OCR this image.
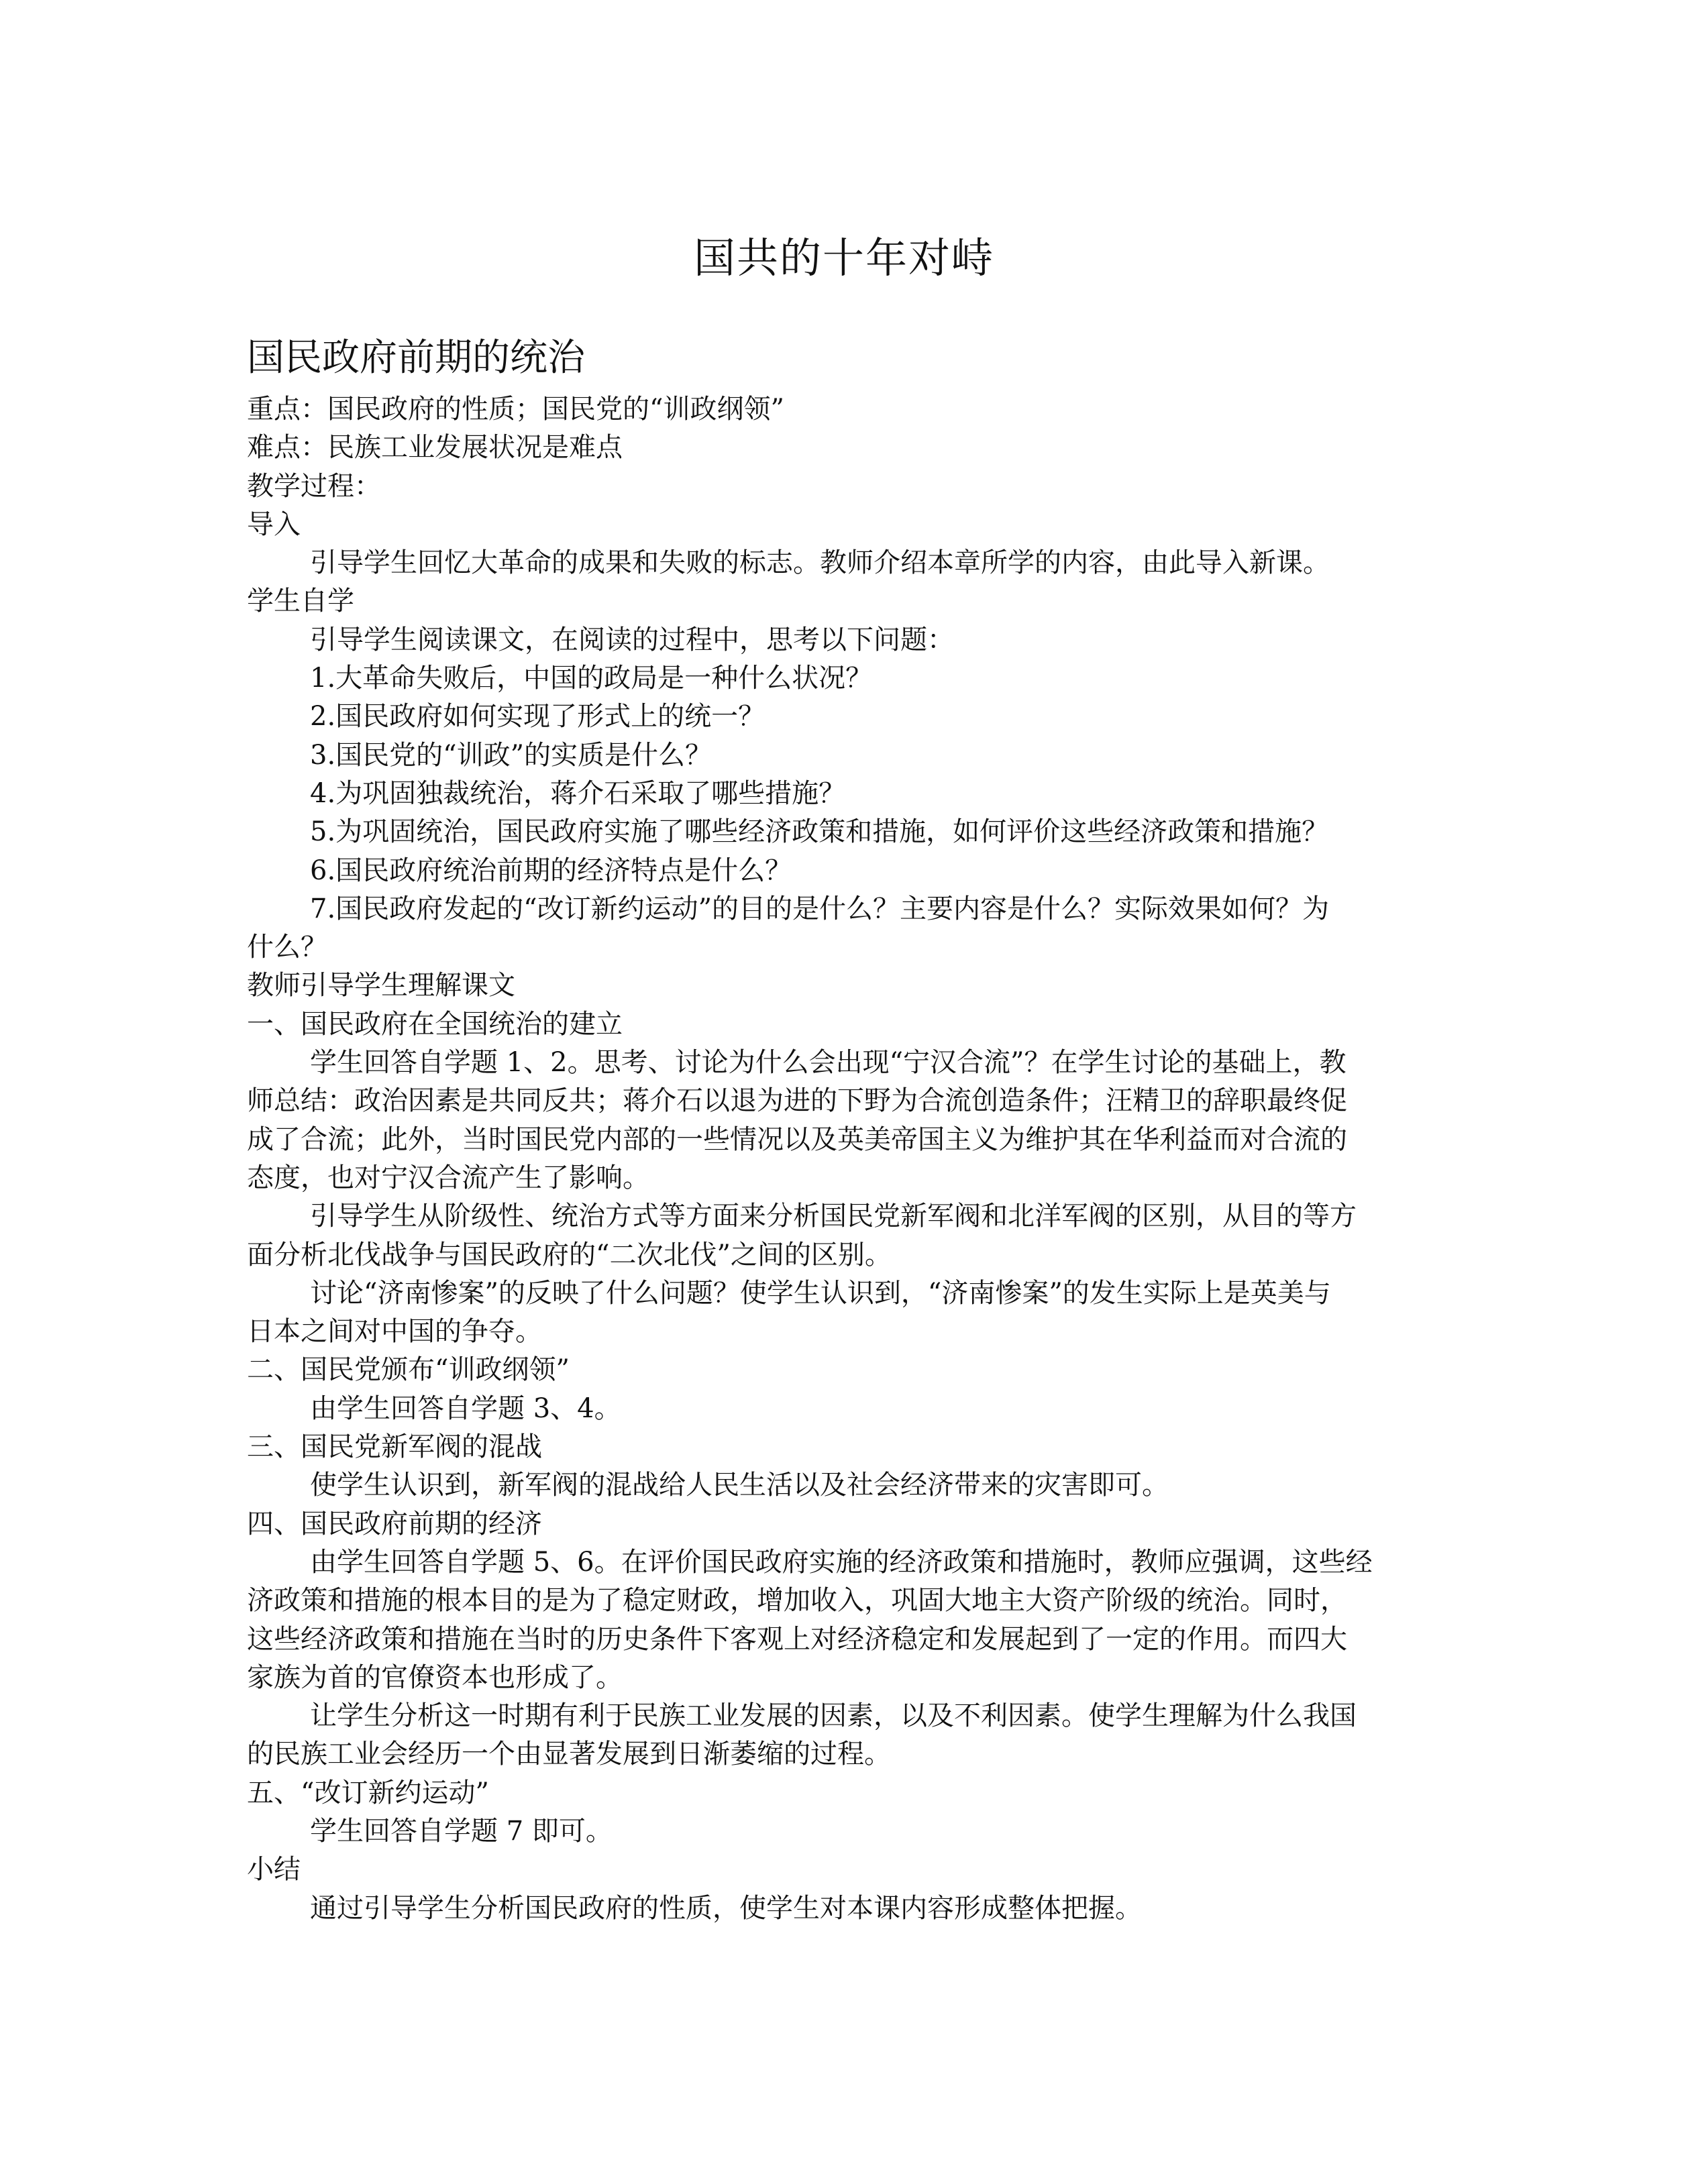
国共的十年对峙
国民政府前期的统治
重点：国民政府的性质；国民党的“训政纲领”
难点：民族工业发展状况是难点
教学过程：
导入
引导学生回忆大革命的成果和失败的标志。教师介绍本章所学的内容，由此导入新课。
学生自学
引导学生阅读课文，在阅读的过程中，思考以下问题：
1.大革命失败后，中国的政局是一种什么状况？
2.国民政府如何实现了形式上的统一？
3.国民党的“训政”的实质是什么？
4.为巩固独裁统治，蒋介石采取了哪些措施？
5.为巩固统治，国民政府实施了哪些经济政策和措施，如何评价这些经济政策和措施？
6.国民政府统治前期的经济特点是什么？
7.国民政府发起的“改订新约运动”的目的是什么？主要内容是什么？实际效果如何？为
什么？
教师引导学生理解课文
一、国民政府在全国统治的建立
学生回答自学题 1、2。思考、讨论为什么会出现“宁汉合流”？在学生讨论的基础上，教
师总结：政治因素是共同反共；蒋介石以退为进的下野为合流创造条件；汪精卫的辞职最终促
成了合流；此外，当时国民党内部的一些情况以及英美帝国主义为维护其在华利益而对合流的
态度，也对宁汉合流产生了影响。
引导学生从阶级性、统治方式等方面来分析国民党新军阀和北洋军阀的区别，从目的等方
面分析北伐战争与国民政府的“二次北伐”之间的区别。
讨论“济南惨案”的反映了什么问题？使学生认识到，“济南惨案”的发生实际上是英美与
日本之间对中国的争夺。
二、国民党颁布“训政纲领”
由学生回答自学题 3、4。
三、国民党新军阀的混战
使学生认识到，新军阀的混战给人民生活以及社会经济带来的灾害即可。
四、国民政府前期的经济
由学生回答自学题 5、6。在评价国民政府实施的经济政策和措施时，教师应强调，这些经
济政策和措施的根本目的是为了稳定财政，增加收入，巩固大地主大资产阶级的统治。同时，
这些经济政策和措施在当时的历史条件下客观上对经济稳定和发展起到了一定的作用。而四大
家族为首的官僚资本也形成了。
让学生分析这一时期有利于民族工业发展的因素，以及不利因素。使学生理解为什么我国
的民族工业会经历一个由显著发展到日渐萎缩的过程。
五、“改订新约运动”
学生回答自学题 7 即可。
小结
通过引导学生分析国民政府的性质，使学生对本课内容形成整体把握。
